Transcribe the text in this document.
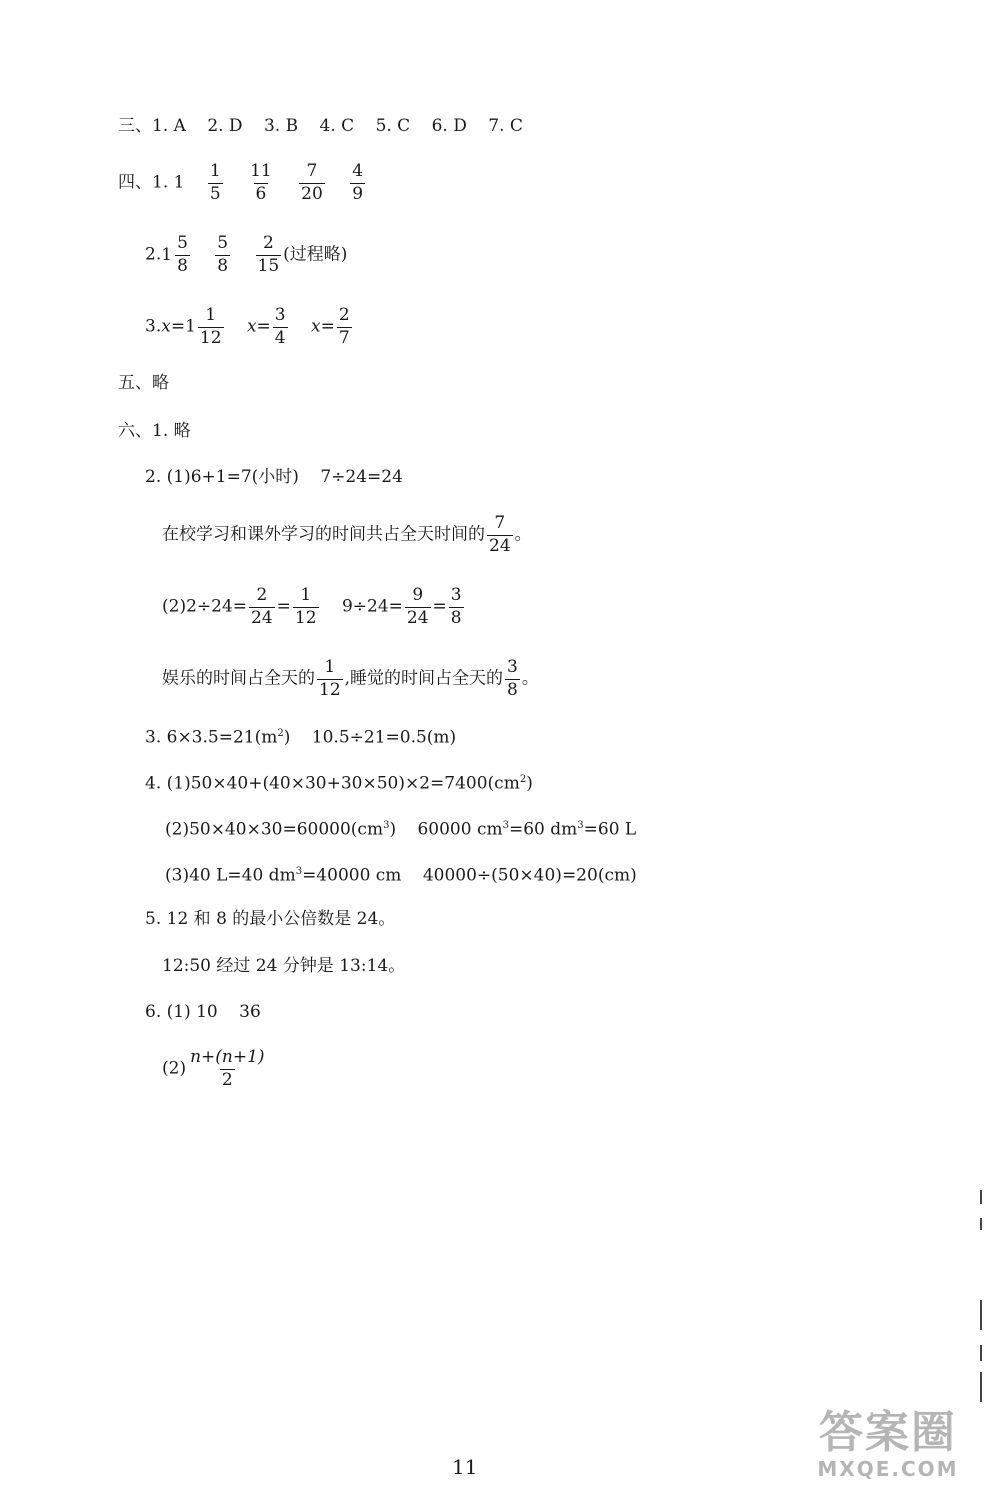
三、1. A 2. D 3. B 4. C 5. C 6. D 7. C
四、1. $1 \frac{1}{5}$
$\frac{11}{6}$
$\frac{7}{20}$
$\frac{4}{9}$
$2.1 \frac{5}{8}$
$\frac{5}{8}$
$\frac{2}{15}$ (过程略)
$3.x=1 \frac{1}{12} x= \frac{3}{4} x= \frac{2}{7}$
五、略
六、1. 略
2. (1)6+1=7(小时) 7÷24=24
在校学习和课外学习的时间共占全天时间的 $\frac{7}{24}$ 。
$(2)2\div 24= \frac{2}{24} = \frac{1}{12} 9\div 24= \frac{9}{24} = \frac{3}{8}$
娱乐的时间占全天的 $\frac{1}{12}$ ,睡觉的时间占全天的 $\frac{3}{8}$ 。
3. $6\times 3.5=21(m^2)$ 10.5÷21=0.5(m)
4. $(1)50\times 40+(40\times 30+30\times 50)\times 2=7400(cm^2)$
$(2)50\times 40\times 30=60000(cm^3)$ 60000 $cm^3=60$ $dm^3=60$ L
(3)40 L=40 $dm^3=40000$ cm 40000÷(50×40)=20(cm)
5. 12 和 8 的最小公倍数是 24。
12:50 经过 24 分钟是 13:14。
6. (1) 10 36
$(2) \frac{n+(n+1)}{2}$
11
答案圈
MXQE.COM
